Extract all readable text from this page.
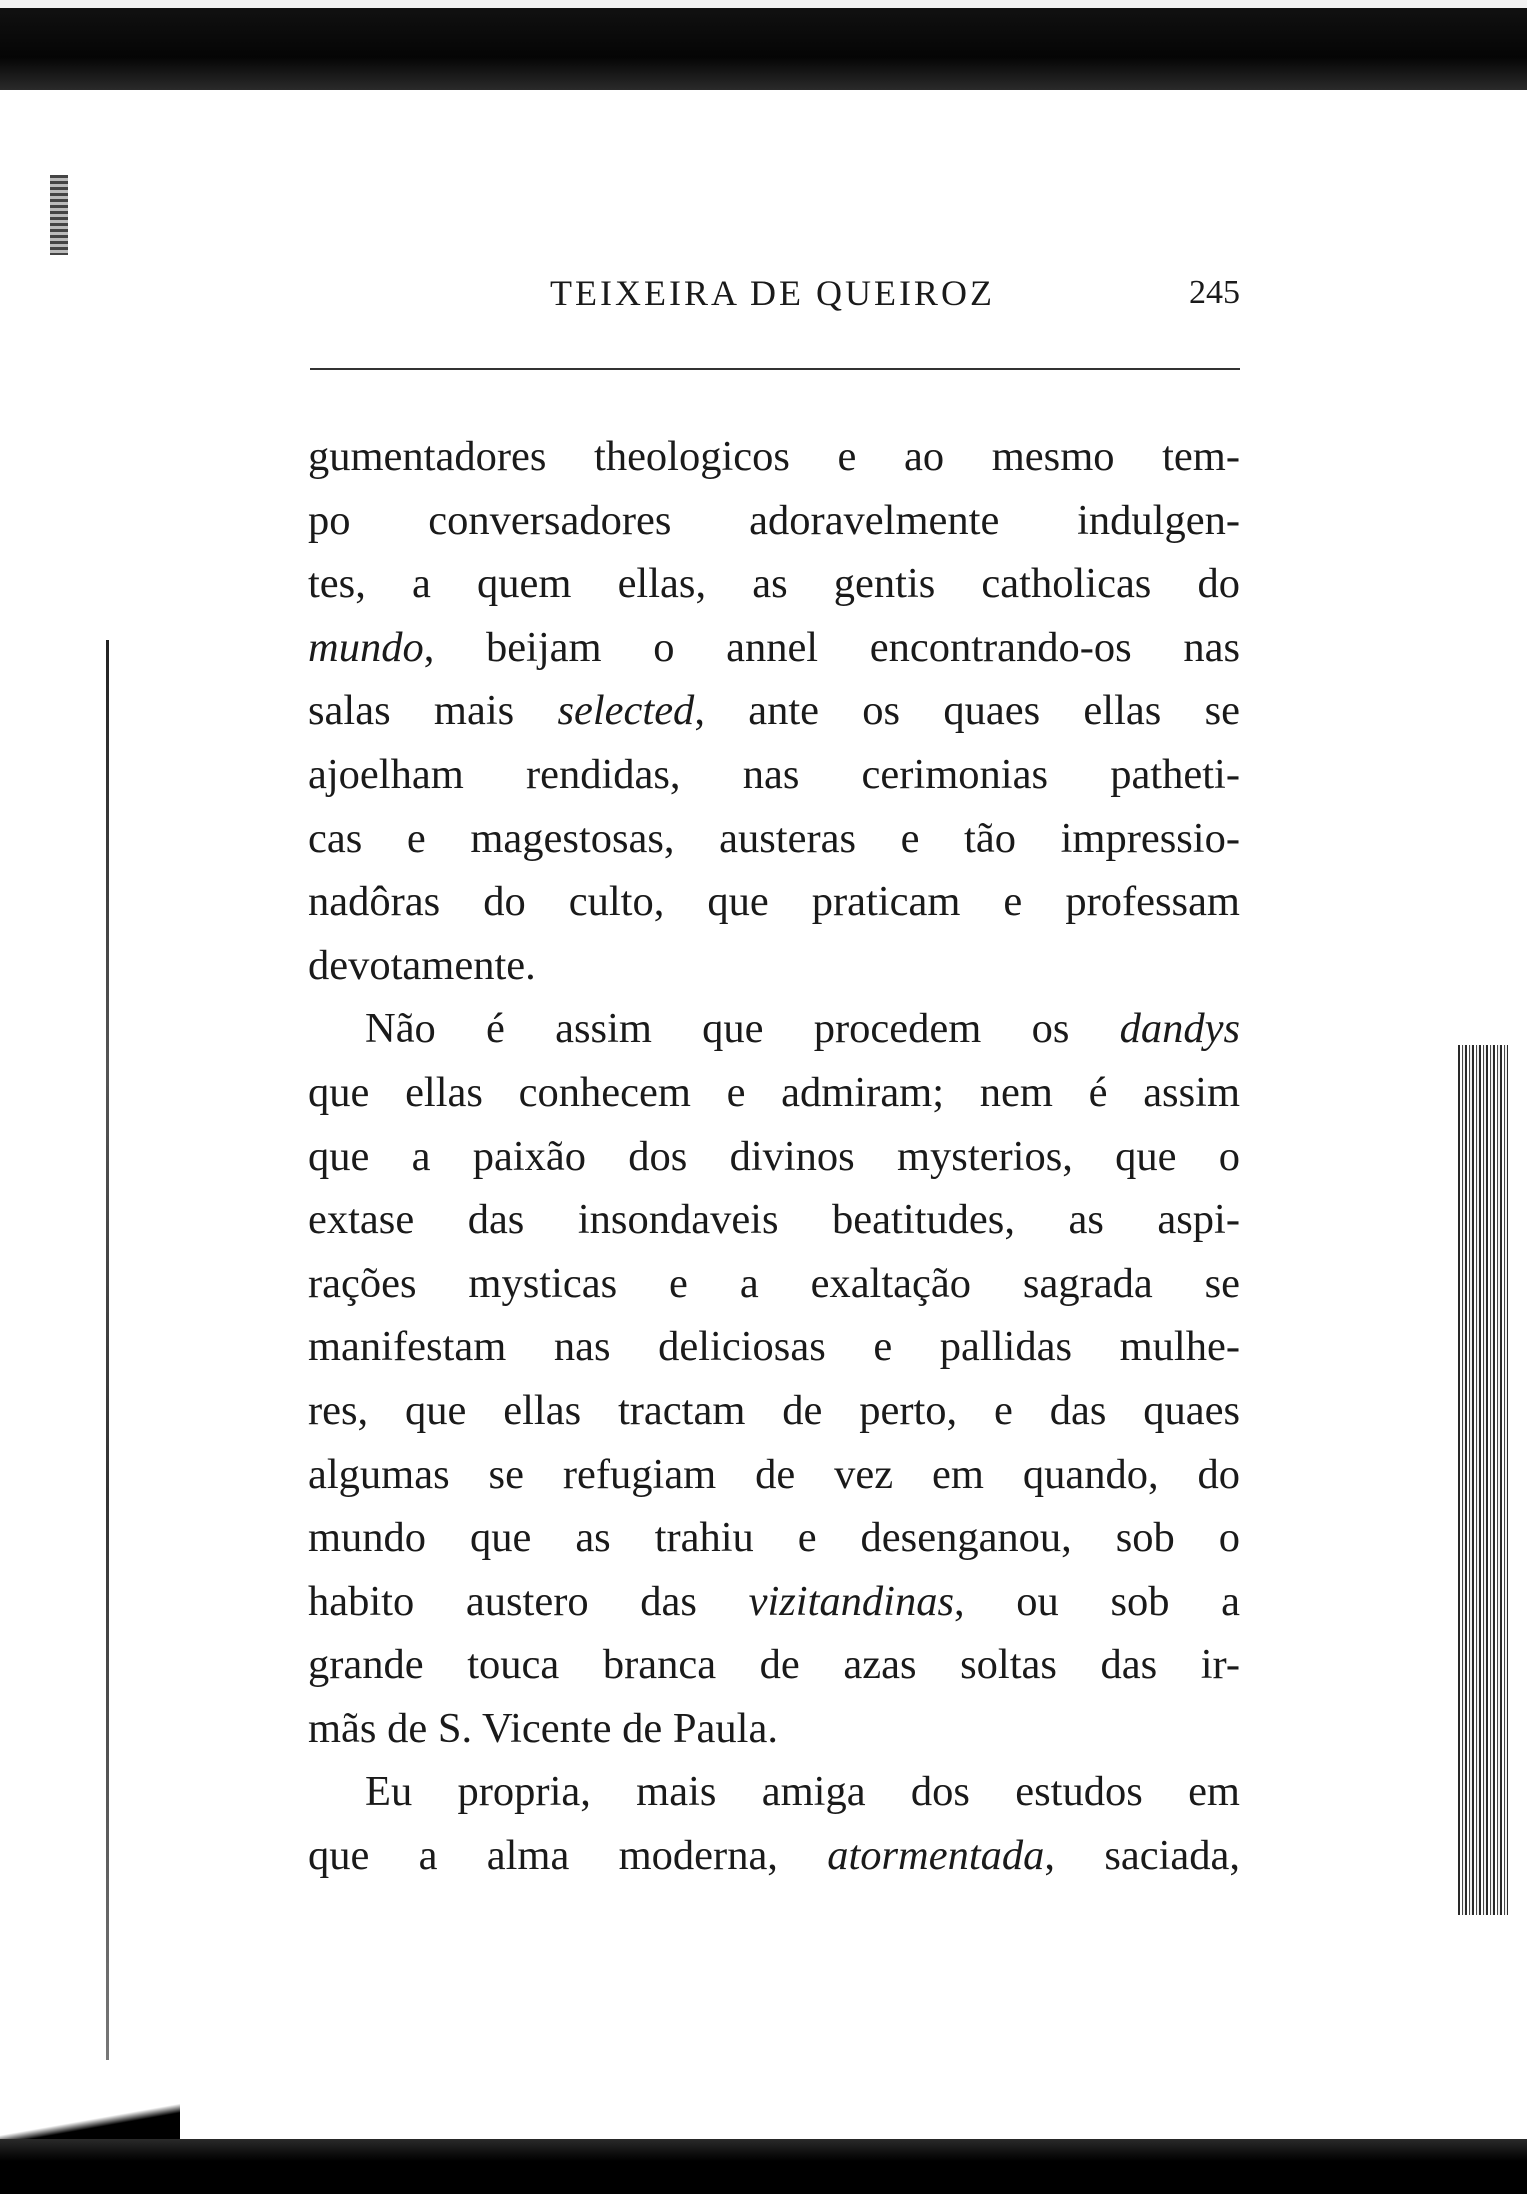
TEIXEIRA DE QUEIROZ	245
gumentadores theologicos e ao mesmo tem-
po conversadores adoravelmente indulgen-
tes, a quem ellas, as gentis catholicas do
mundo, beijam o annel encontrando-os nas
salas mais selected, ante os quaes ellas se
ajoelham rendidas, nas cerimonias patheti-
cas e magestosas, austeras e tão impressio-
nadôras do culto, que praticam e professam
devotamente.
Não é assim que procedem os dandys
que ellas conhecem e admiram; nem é assim
que a paixão dos divinos mysterios, que o
extase das insondaveis beatitudes, as aspi-
rações mysticas e a exaltação sagrada se
manifestam nas deliciosas e pallidas mulhe-
res, que ellas tractam de perto, e das quaes
algumas se refugiam de vez em quando, do
mundo que as trahiu e desenganou, sob o
habito austero das vizitandinas, ou sob a
grande touca branca de azas soltas das ir-
mãs de S. Vicente de Paula.
Eu propria, mais amiga dos estudos em
que a alma moderna, atormentada, saciada,
